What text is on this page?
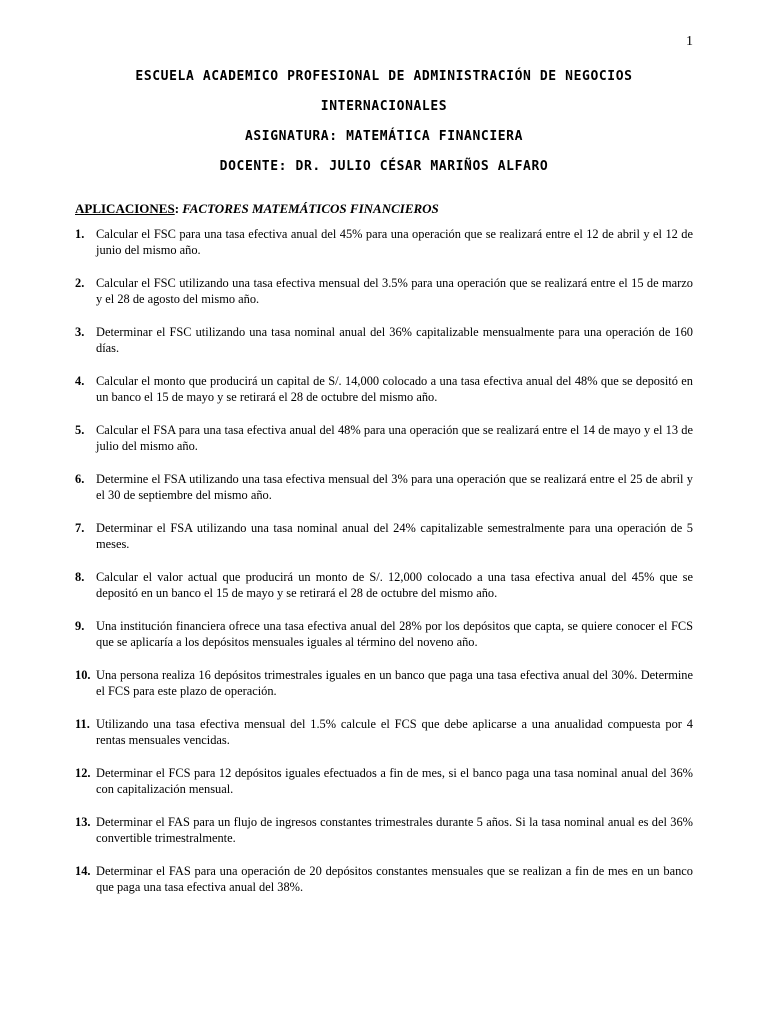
1
ESCUELA ACADEMICO PROFESIONAL DE ADMINISTRACIÓN DE NEGOCIOS
INTERNACIONALES
ASIGNATURA: MATEMÁTICA FINANCIERA
DOCENTE: DR. JULIO CÉSAR MARIÑOS ALFARO
APLICACIONES: FACTORES MATEMÁTICOS FINANCIEROS
1. Calcular el FSC para una tasa efectiva anual del 45% para una operación que se realizará entre el 12 de abril y el 12 de junio del mismo año.
2. Calcular el FSC utilizando una tasa efectiva mensual del 3.5% para una operación que se realizará entre el 15 de marzo y el 28 de agosto del mismo año.
3. Determinar el FSC utilizando una tasa nominal anual del 36% capitalizable mensualmente para una operación de 160 días.
4. Calcular el monto que producirá un capital de S/. 14,000 colocado a una tasa efectiva anual del 48% que se depositó en un banco el 15 de mayo y se retirará el 28 de octubre del mismo año.
5. Calcular el FSA para una tasa efectiva anual del 48% para una operación que se realizará entre el 14 de mayo y el 13 de julio del mismo año.
6. Determine el FSA utilizando una tasa efectiva mensual del 3% para una operación que se realizará entre el 25 de abril y el 30 de septiembre del mismo año.
7. Determinar el FSA utilizando una tasa nominal anual del 24% capitalizable semestralmente para una operación de 5 meses.
8. Calcular el valor actual que producirá un monto de S/. 12,000 colocado a una tasa efectiva anual del 45% que se depositó en un banco el 15 de mayo y se retirará el 28 de octubre del mismo año.
9. Una institución financiera ofrece una tasa efectiva anual del 28% por los depósitos que capta, se quiere conocer el FCS que se aplicaría a los depósitos mensuales iguales al término del noveno año.
10. Una persona realiza 16 depósitos trimestrales iguales en un banco que paga una tasa efectiva anual del 30%. Determine el FCS para este plazo de operación.
11. Utilizando una tasa efectiva mensual del 1.5% calcule el FCS que debe aplicarse a una anualidad compuesta por 4 rentas mensuales vencidas.
12. Determinar el FCS para 12 depósitos iguales efectuados a fin de mes, si el banco paga una tasa nominal anual del 36% con capitalización mensual.
13. Determinar el FAS para un flujo de ingresos constantes trimestrales durante 5 años. Si la tasa nominal anual es del 36% convertible trimestralmente.
14. Determinar el FAS para una operación de 20 depósitos constantes mensuales que se realizan a fin de mes en un banco que paga una tasa efectiva anual del 38%.
